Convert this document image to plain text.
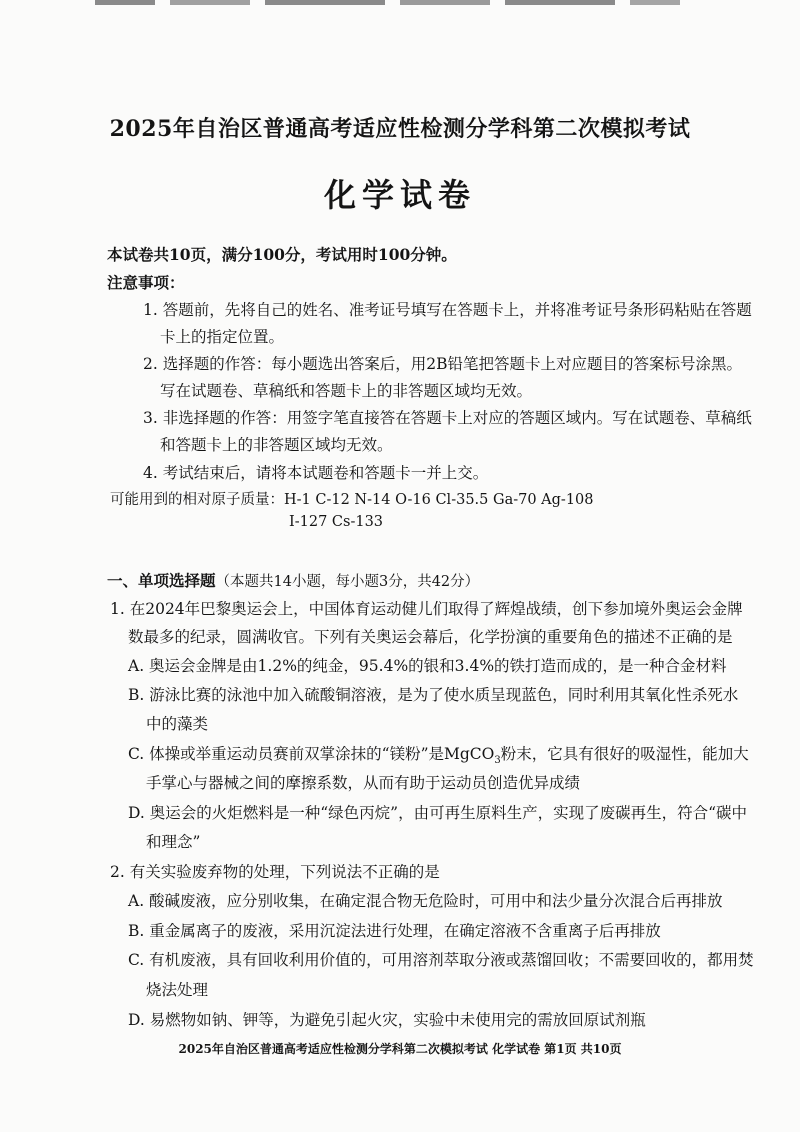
2025年自治区普通高考适应性检测分学科第二次模拟考试
化学试卷
本试卷共10页，满分100分，考试用时100分钟。
注意事项：
1. 答题前，先将自己的姓名、准考证号填写在答题卡上，并将准考证号条形码粘贴在答题
卡上的指定位置。
2. 选择题的作答：每小题选出答案后，用2B铅笔把答题卡上对应题目的答案标号涂黑。
写在试题卷、草稿纸和答题卡上的非答题区域均无效。
3. 非选择题的作答：用签字笔直接答在答题卡上对应的答题区域内。写在试题卷、草稿纸
和答题卡上的非答题区域均无效。
4. 考试结束后，请将本试题卷和答题卡一并上交。
可能用到的相对原子质量：H-1 C-12 N-14 O-16 Cl-35.5 Ga-70 Ag-108
I-127 Cs-133
一、单项选择题（本题共14小题，每小题3分，共42分）
1. 在2024年巴黎奥运会上，中国体育运动健儿们取得了辉煌战绩，创下参加境外奥运会金牌
数最多的纪录，圆满收官。下列有关奥运会幕后，化学扮演的重要角色的描述不正确的是
A. 奥运会金牌是由1.2%的纯金，95.4%的银和3.4%的铁打造而成的，是一种合金材料
B. 游泳比赛的泳池中加入硫酸铜溶液，是为了使水质呈现蓝色，同时利用其氧化性杀死水
中的藻类
C. 体操或举重运动员赛前双掌涂抹的“镁粉”是MgCO$_3$粉末，它具有很好的吸湿性，能加大
手掌心与器械之间的摩擦系数，从而有助于运动员创造优异成绩
D. 奥运会的火炬燃料是一种“绿色丙烷”，由可再生原料生产，实现了废碳再生，符合“碳中
和理念”
2. 有关实验废弃物的处理，下列说法不正确的是
A. 酸碱废液，应分别收集，在确定混合物无危险时，可用中和法少量分次混合后再排放
B. 重金属离子的废液，采用沉淀法进行处理，在确定溶液不含重离子后再排放
C. 有机废液，具有回收利用价值的，可用溶剂萃取分液或蒸馏回收；不需要回收的，都用焚
烧法处理
D. 易燃物如钠、钾等，为避免引起火灾，实验中未使用完的需放回原试剂瓶
2025年自治区普通高考适应性检测分学科第二次模拟考试 化学试卷 第1页 共10页
